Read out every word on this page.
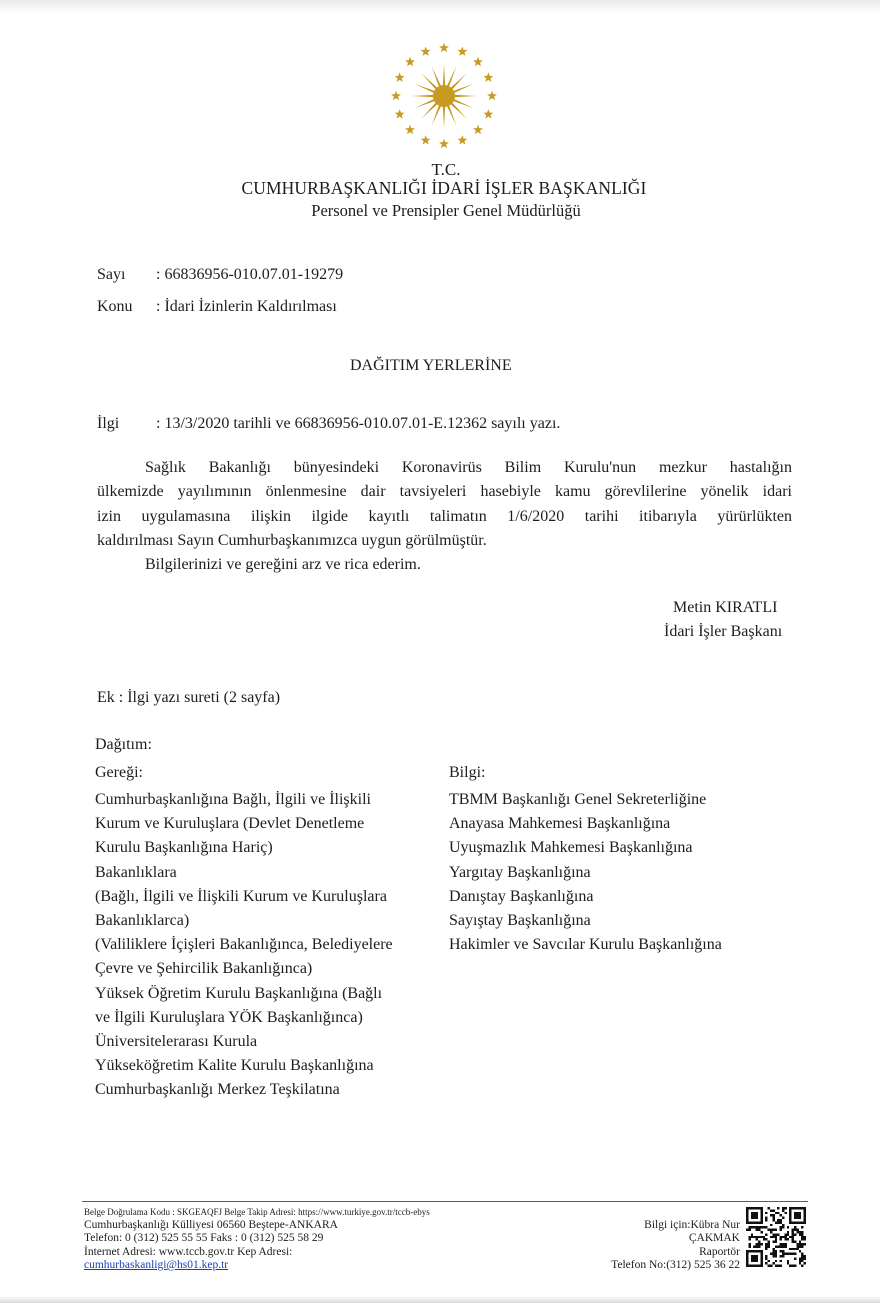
T.C.
CUMHURBAŞKANLIĞI İDARİ İŞLER BAŞKANLIĞI
Personel ve Prensipler Genel Müdürlüğü
Sayı : 66836956-010.07.01-19279
Konu : İdari İzinlerin Kaldırılması
DAĞITIM YERLERİNE
İlgi : 13/3/2020 tarihli ve 66836956-010.07.01-E.12362 sayılı yazı.
Sağlık Bakanlığı bünyesindeki Koronavirüs Bilim Kurulu'nun mezkur hastalığın
ülkemizde yayılımının önlenmesine dair tavsiyeleri hasebiyle kamu görevlilerine yönelik idari
izin uygulamasına ilişkin ilgide kayıtlı talimatın 1/6/2020 tarihi itibarıyla yürürlükten
kaldırılması Sayın Cumhurbaşkanımızca uygun görülmüştür.
Bilgilerinizi ve gereğini arz ve rica ederim.
Metin KIRATLI
İdari İşler Başkanı
Ek : İlgi yazı sureti (2 sayfa)
Dağıtım:
Gereği:	Bilgi:
Cumhurbaşkanlığına Bağlı, İlgili ve İlişkili
Kurum ve Kuruluşlara (Devlet Denetleme
Kurulu Başkanlığına Hariç)
Bakanlıklara
(Bağlı, İlgili ve İlişkili Kurum ve Kuruluşlara
Bakanlıklarca)
(Valiliklere İçişleri Bakanlığınca, Belediyelere
Çevre ve Şehircilik Bakanlığınca)
Yüksek Öğretim Kurulu Başkanlığına (Bağlı
ve İlgili Kuruluşlara YÖK Başkanlığınca)
Üniversitelerarası Kurula
Yükseköğretim Kalite Kurulu Başkanlığına
Cumhurbaşkanlığı Merkez Teşkilatına
TBMM Başkanlığı Genel Sekreterliğine
Anayasa Mahkemesi Başkanlığına
Uyuşmazlık Mahkemesi Başkanlığına
Yargıtay Başkanlığına
Danıştay Başkanlığına
Sayıştay Başkanlığına
Hakimler ve Savcılar Kurulu Başkanlığına
Belge Doğrulama Kodu : SKGEAQFJ Belge Takip Adresi: https://www.turkiye.gov.tr/tccb-ebys
Cumhurbaşkanlığı Külliyesi 06560 Beştepe-ANKARA
Telefon: 0 (312) 525 55 55 Faks : 0 (312) 525 58 29
İnternet Adresi: www.tccb.gov.tr Kep Adresi:
cumhurbaskanligi@hs01.kep.tr
Bilgi için:Kübra Nur
ÇAKMAK
Raportör
Telefon No:(312) 525 36 22
